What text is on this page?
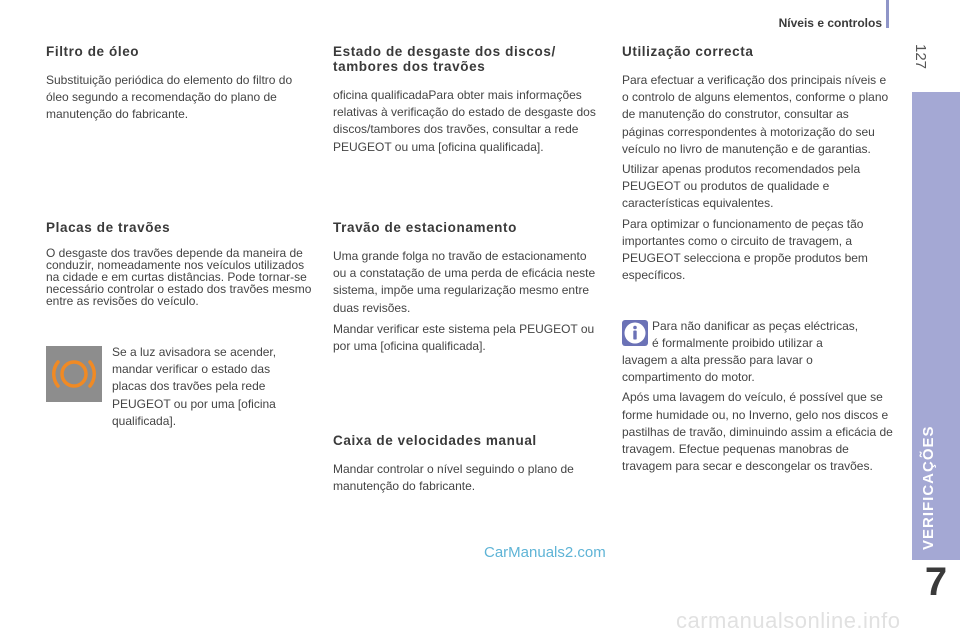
Níveis e controlos
127
VERIFICAÇÕES
7
Filtro de óleo

Substituição periódica do elemento do filtro do óleo segundo a recomendação do plano de manutenção do fabricante.

Placas de travões

O desgaste dos travões depende da maneira de conduzir, nomeadamente nos veículos utilizados na cidade e em curtas distâncias. Pode tornar-se necessário controlar o estado dos travões mesmo entre as revisões do veículo.

Se a luz avisadora se acender, mandar verificar o estado das placas dos travões pela rede PEUGEOT ou por uma [oficina qualificada].

Estado de desgaste dos discos/ tambores dos travões

oficina qualificadaPara obter mais informações relativas à verificação do estado de desgaste dos discos/tambores dos travões, consultar a rede PEUGEOT ou uma [oficina qualificada].

Travão de estacionamento

Uma grande folga no travão de estacionamento ou a constatação de uma perda de eficácia neste sistema, impõe uma regularização mesmo entre duas revisões.

Mandar verificar este sistema pela PEUGEOT ou por uma [oficina qualificada].

Caixa de velocidades manual

Mandar controlar o nível seguindo o plano de manutenção do fabricante.

Utilização correcta

Para efectuar a verificação dos principais níveis e o controlo de alguns elementos, conforme o plano de manutenção do construtor, consultar as páginas correspondentes à motorização do seu veículo no livro de manutenção e de garantias.

Utilizar apenas produtos recomendados pela PEUGEOT ou produtos de qualidade e características equivalentes.

Para optimizar o funcionamento de peças tão importantes como o circuito de travagem, a PEUGEOT selecciona e propõe produtos bem específicos.

Para não danificar as peças eléctricas,

é formalmente proibido utilizar a

lavagem a alta pressão para lavar o compartimento do motor.

Após uma lavagem do veículo, é possível que se forme humidade ou, no Inverno, gelo nos discos e pastilhas de travão, diminuindo assim a eficácia de travagem. Efectue pequenas manobras de travagem para secar e descongelar os travões.

CarManuals2.com
carmanualsonline.info
